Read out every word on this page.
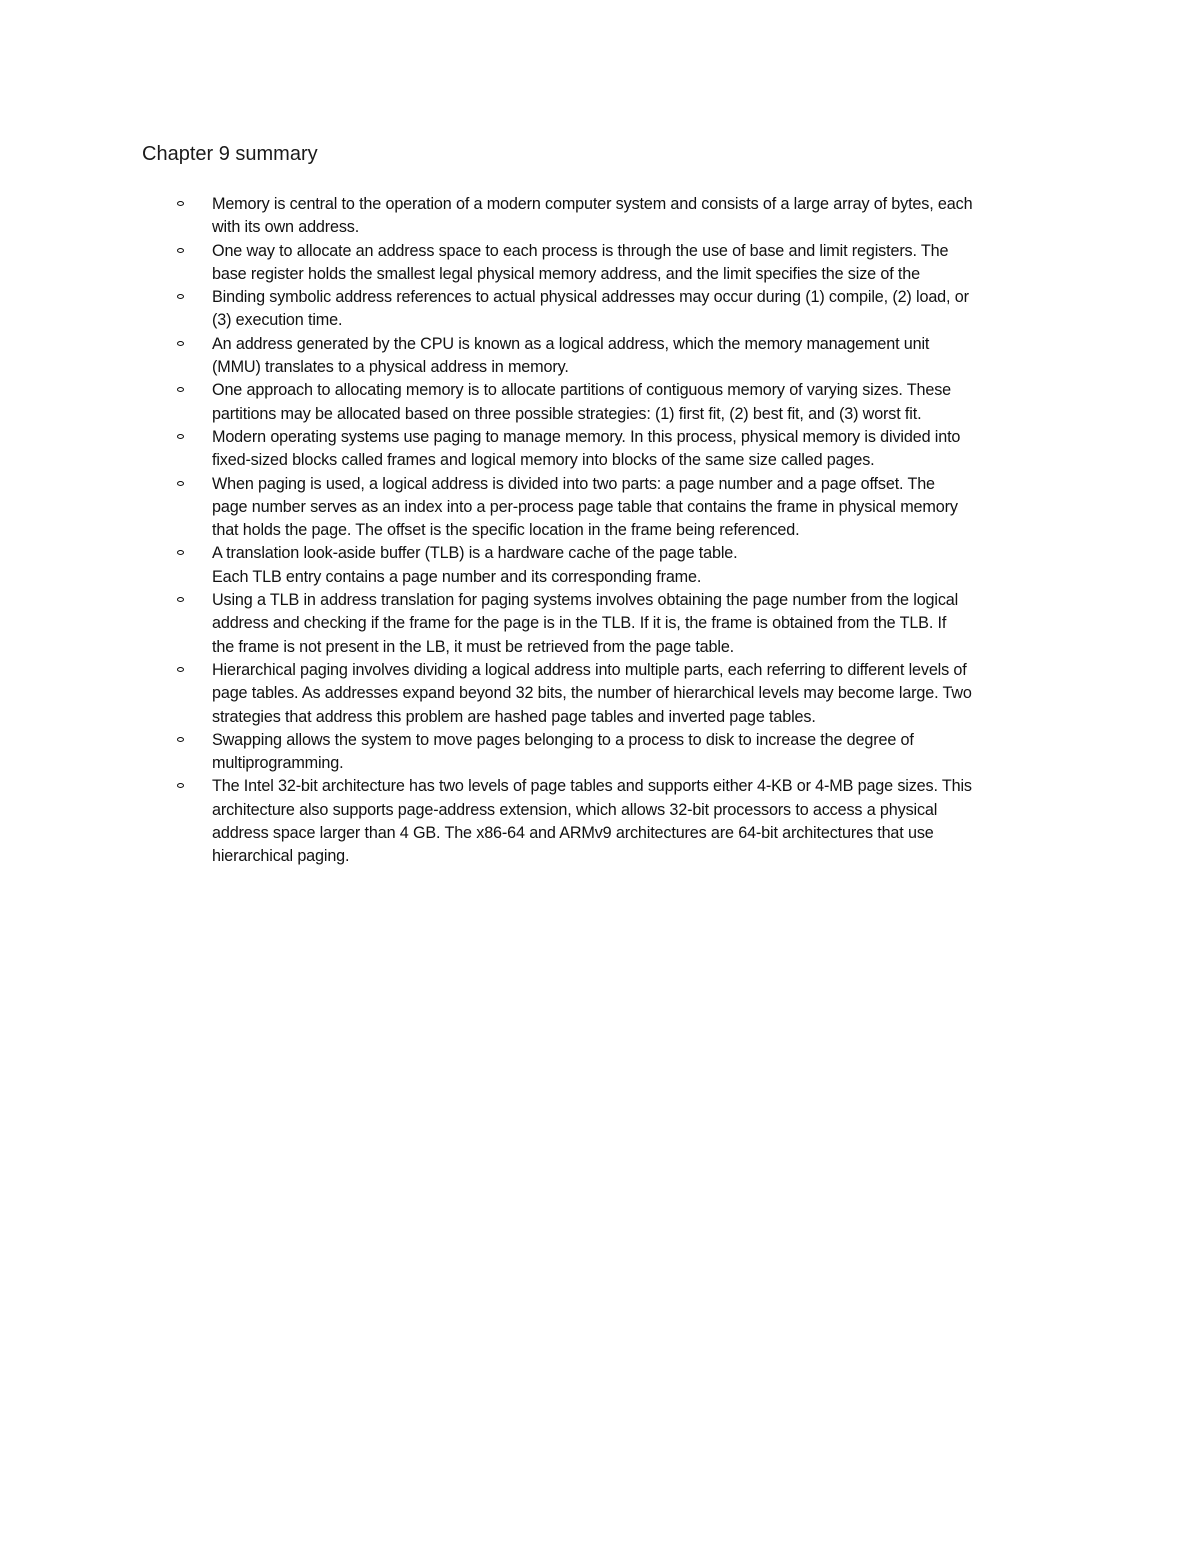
Chapter 9 summary
Memory is central to the operation of a modern computer system and consists of a large array of bytes, each
with its own address.
One way to allocate an address space to each process is through the use of base and limit registers. The
base register holds the smallest legal physical memory address, and the limit specifies the size of the
Binding symbolic address references to actual physical addresses may occur during (1) compile, (2) load, or
(3) execution time.
An address generated by the CPU is known as a logical address, which the memory management unit
(MMU) translates to a physical address in memory.
One approach to allocating memory is to allocate partitions of contiguous memory of varying sizes. These
partitions may be allocated based on three possible strategies: (1) first fit, (2) best fit, and (3) worst fit.
Modern operating systems use paging to manage memory. In this process, physical memory is divided into
fixed-sized blocks called frames and logical memory into blocks of the same size called pages.
When paging is used, a logical address is divided into two parts: a page number and a page offset. The
page number serves as an index into a per-process page table that contains the frame in physical memory
that holds the page. The offset is the specific location in the frame being referenced.
A translation look-aside buffer (TLB) is a hardware cache of the page table.
Each TLB entry contains a page number and its corresponding frame.
Using a TLB in address translation for paging systems involves obtaining the page number from the logical
address and checking if the frame for the page is in the TLB. If it is, the frame is obtained from the TLB. If
the frame is not present in the LB, it must be retrieved from the page table.
Hierarchical paging involves dividing a logical address into multiple parts, each referring to different levels of
page tables. As addresses expand beyond 32 bits, the number of hierarchical levels may become large. Two
strategies that address this problem are hashed page tables and inverted page tables.
Swapping allows the system to move pages belonging to a process to disk to increase the degree of
multiprogramming.
The Intel 32-bit architecture has two levels of page tables and supports either 4-KB or 4-MB page sizes. This
architecture also supports page-address extension, which allows 32-bit processors to access a physical
address space larger than 4 GB. The x86-64 and ARMv9 architectures are 64-bit architectures that use
hierarchical paging.
